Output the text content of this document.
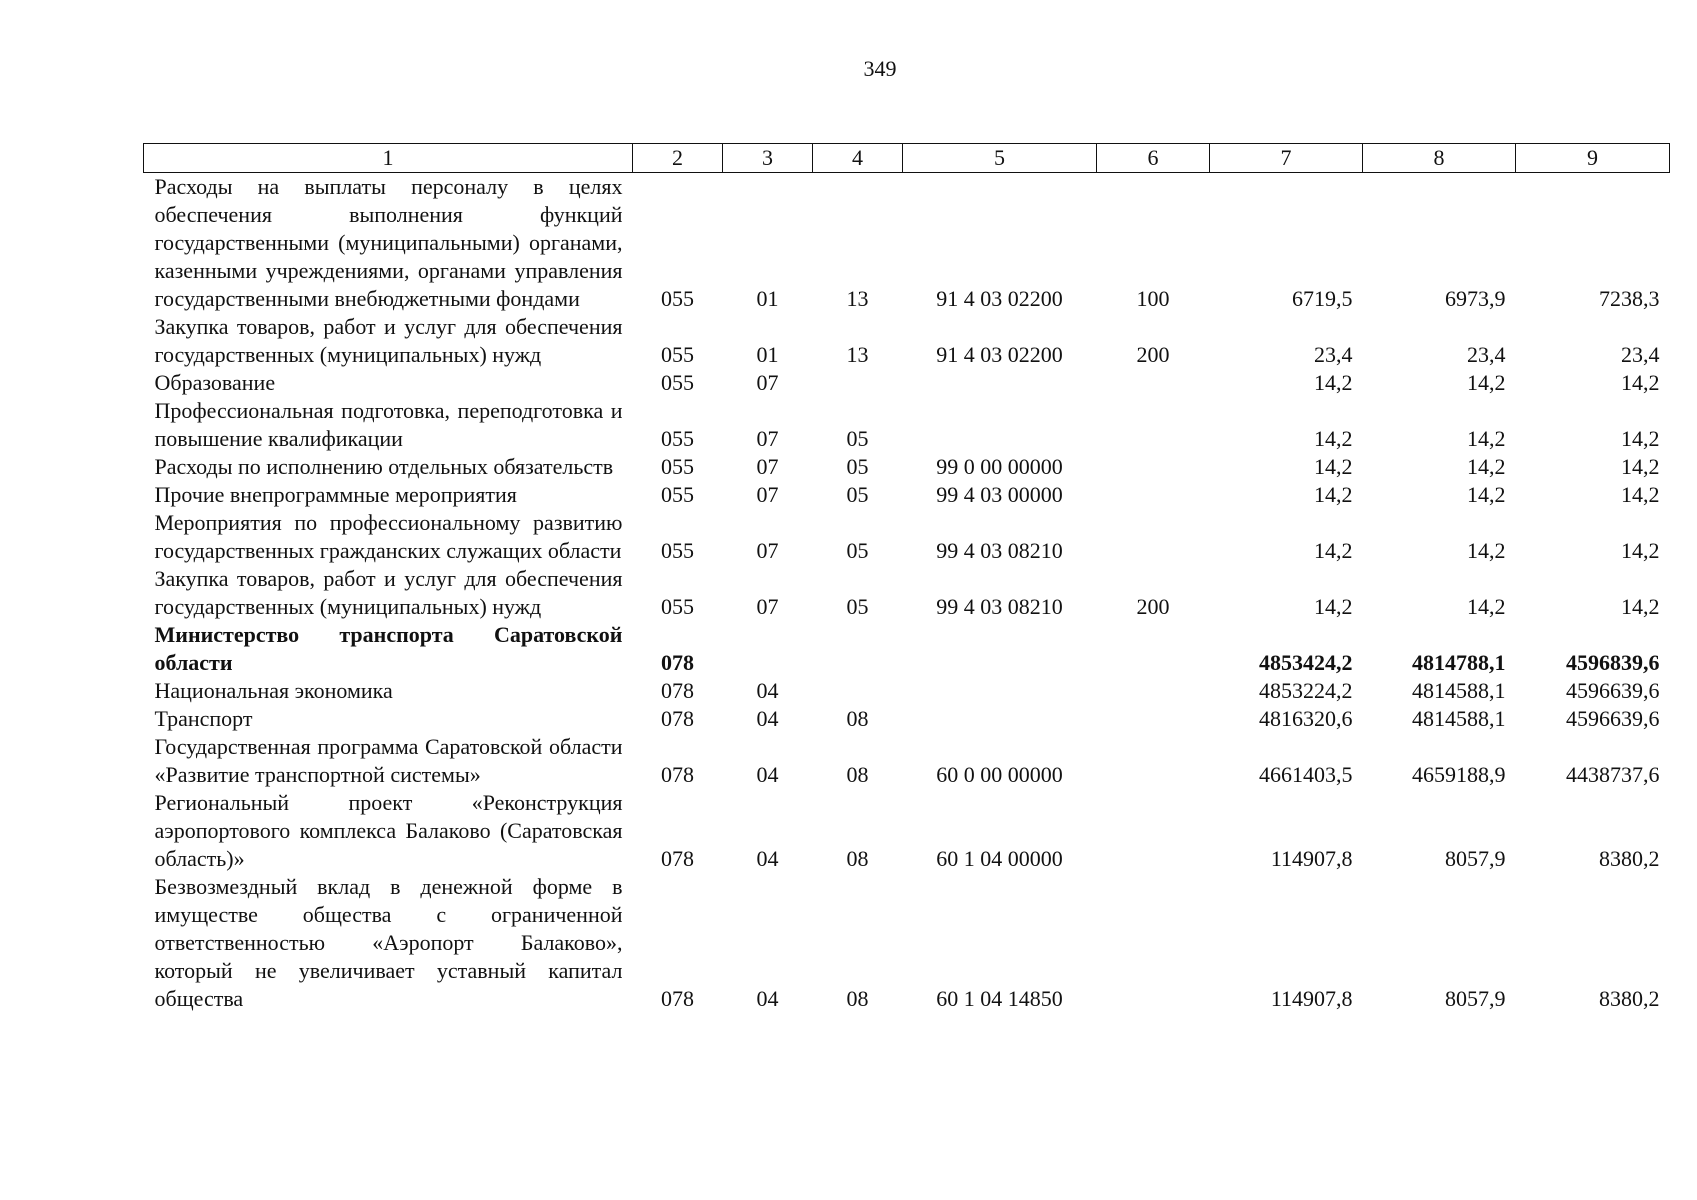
349
1	2	3	4	5	6	7	8	9
Расходы на выплаты персоналу в целях обеспечения выполнения функций государственными (муниципальными) органами, казенными учреждениями, органами управления государственными внебюджетными фондами	055	01	13	91 4 03 02200	100	6719,5	6973,9	7238,3
Закупка товаров, работ и услуг для обеспечения государственных (муниципальных) нужд	055	01	13	91 4 03 02200	200	23,4	23,4	23,4
Образование	055	07				14,2	14,2	14,2
Профессиональная подготовка, переподготовка и повышение квалификации	055	07	05			14,2	14,2	14,2
Расходы по исполнению отдельных обязательств	055	07	05	99 0 00 00000		14,2	14,2	14,2
Прочие внепрограммные мероприятия	055	07	05	99 4 03 00000		14,2	14,2	14,2
Мероприятия по профессиональному развитию государственных гражданских служащих области	055	07	05	99 4 03 08210		14,2	14,2	14,2
Закупка товаров, работ и услуг для обеспечения государственных (муниципальных) нужд	055	07	05	99 4 03 08210	200	14,2	14,2	14,2
Министерство транспорта Саратовской области	078					4853424,2	4814788,1	4596839,6
Национальная экономика	078	04				4853224,2	4814588,1	4596639,6
Транспорт	078	04	08			4816320,6	4814588,1	4596639,6
Государственная программа Саратовской области «Развитие транспортной системы»	078	04	08	60 0 00 00000		4661403,5	4659188,9	4438737,6
Региональный проект «Реконструкция аэропортового комплекса Балаково (Саратовская область)»	078	04	08	60 1 04 00000		114907,8	8057,9	8380,2
Безвозмездный вклад в денежной форме в имуществе общества с ограниченной ответственностью «Аэропорт Балаково», который не увеличивает уставный капитал общества	078	04	08	60 1 04 14850		114907,8	8057,9	8380,2
